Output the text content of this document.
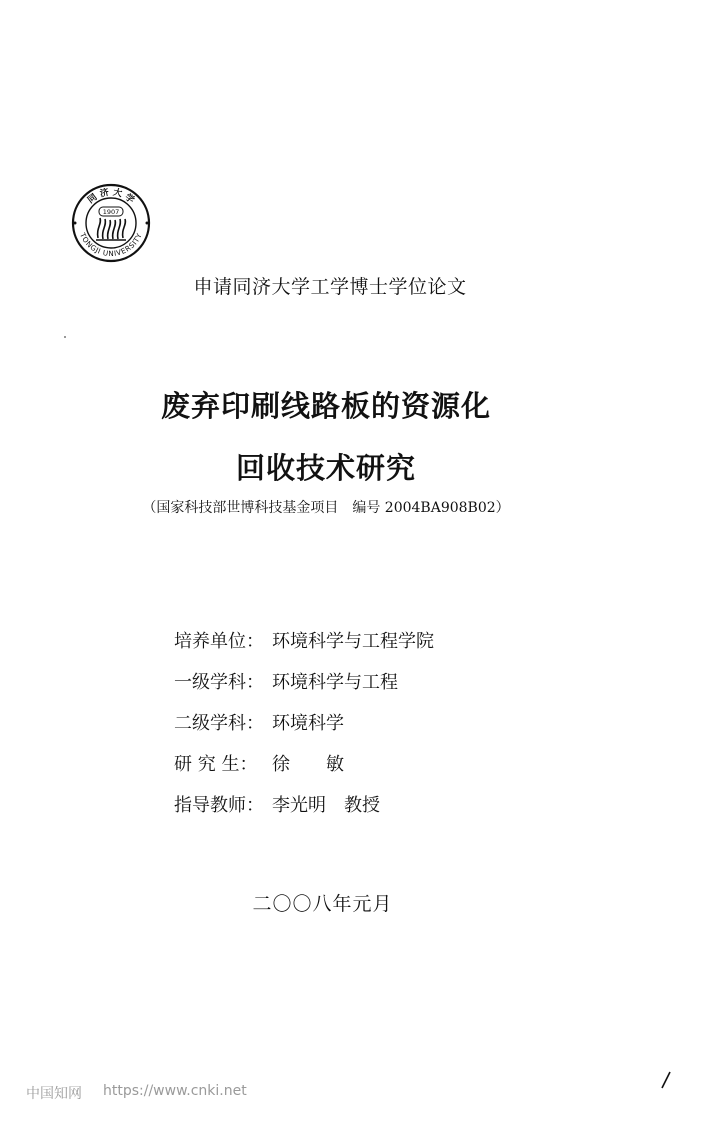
同 济 大 学
TONGJI UNIVERSITY
1907
申请同济大学工学博士学位论文
废弃印刷线路板的资源化
回收技术研究
（国家科技部世博科技基金项目　编号 2004BA908B02）
培养单位： 环境科学与工程学院
一级学科： 环境科学与工程
二级学科： 环境科学
研 究 生： 徐　　敏
指导教师： 李光明　教授
二〇〇八年元月
中国知网 https://www.cnki.net
